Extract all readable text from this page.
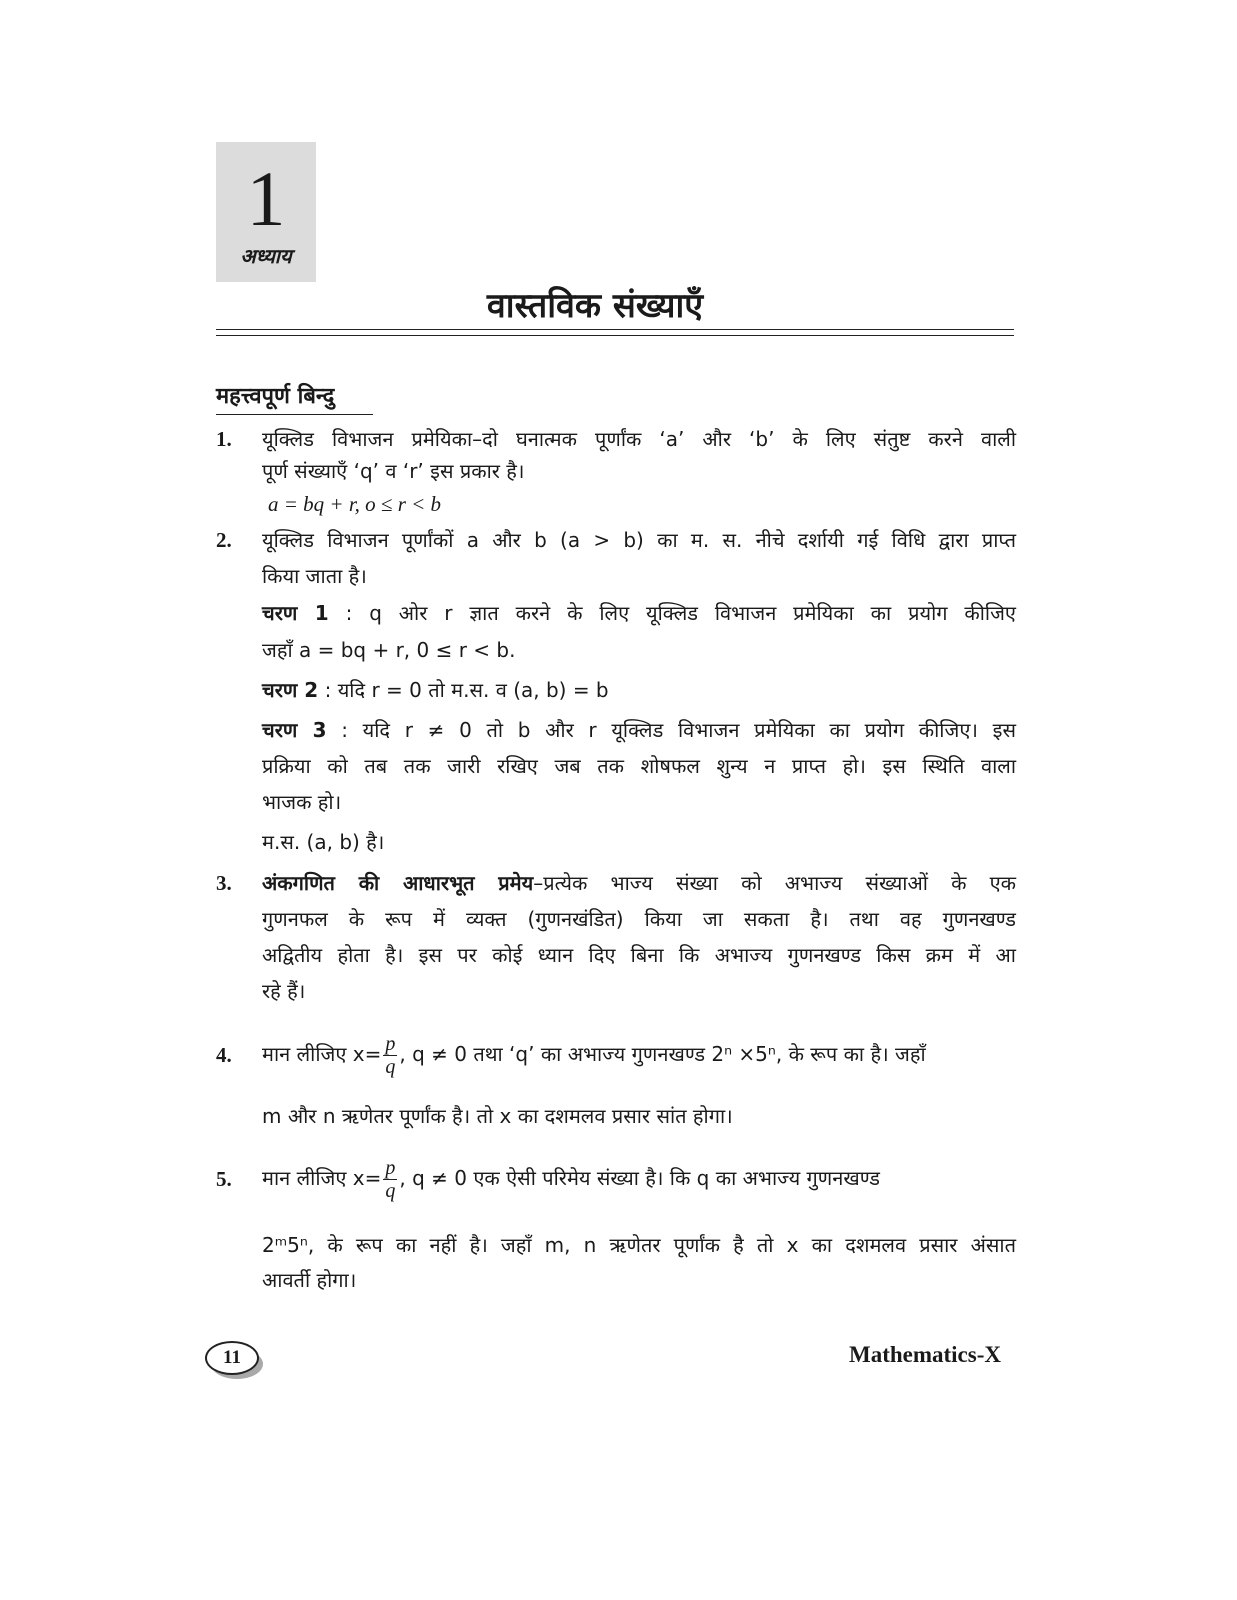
1
अध्याय
वास्तविक संख्याएँ
महत्त्वपूर्ण बिन्दु
1. यूक्लिड विभाजन प्रमेयिका–दो घनात्मक पूर्णांक ‘a’ और ‘b’ के लिए संतुष्ट करने वाली
पूर्ण संख्याएँ ‘q’ व ‘r’ इस प्रकार है।
a = bq + r, o ≤ r < b
2. यूक्लिड विभाजन पूर्णांकों a और b (a > b) का म. स. नीचे दर्शायी गई विधि द्वारा प्राप्त
किया जाता है।
चरण 1 : q ओर r ज्ञात करने के लिए यूक्लिड विभाजन प्रमेयिका का प्रयोग कीजिए
जहाँ a = bq + r, 0 ≤ r < b.
चरण 2 : यदि r = 0 तो म.स. व (a, b) = b
चरण 3 : यदि r ≠ 0 तो b और r यूक्लिड विभाजन प्रमेयिका का प्रयोग कीजिए। इस
प्रक्रिया को तब तक जारी रखिए जब तक शोषफल शुन्य न प्राप्त हो। इस स्थिति वाला
भाजक हो।
म.स. (a, b) है।
3. अंकगणित की आधारभूत प्रमेय–प्रत्येक भाज्य संख्या को अभाज्य संख्याओं के एक
गुणनफल के रूप में व्यक्त (गुणनखंडित) किया जा सकता है। तथा वह गुणनखण्ड
अद्वितीय होता है। इस पर कोई ध्यान दिए बिना कि अभाज्य गुणनखण्ड किस क्रम में आ
रहे हैं।
4. मान लीजिए $x= \frac{p}{q}$ , q ≠ 0 तथा ‘q’ का अभाज्य गुणनखण्ड 2ⁿ ×5ⁿ, के रूप का है। जहाँ
m और n ऋणेतर पूर्णांक है। तो x का दशमलव प्रसार सांत होगा।
5. मान लीजिए $x= \frac{p}{q}$ , q ≠ 0 एक ऐसी परिमेय संख्या है। कि q का अभाज्य गुणनखण्ड
2ᵐ5ⁿ, के रूप का नहीं है। जहाँ m, n ऋणेतर पूर्णांक है तो x का दशमलव प्रसार अंसात
आवर्ती होगा।
11	Mathematics-X
